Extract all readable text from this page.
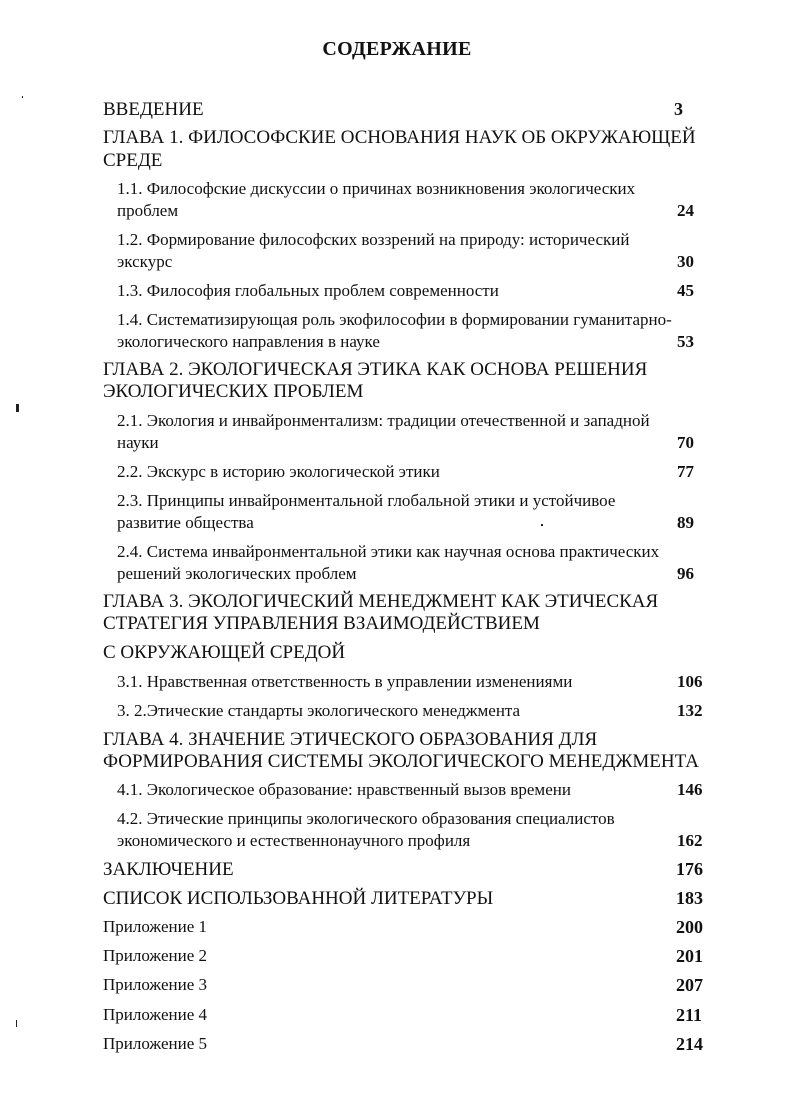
СОДЕРЖАНИЕ
ВВЕДЕНИЕ	3
ГЛАВА 1. ФИЛОСОФСКИЕ ОСНОВАНИЯ НАУК ОБ ОКРУЖАЮЩЕЙ
СРЕДЕ
1.1. Философские дискуссии о причинах возникновения экологических
проблем	24
1.2. Формирование философских воззрений на природу: исторический
экскурс	30
1.3. Философия глобальных проблем современности	45
1.4. Систематизирующая роль экофилософии в формировании гуманитарно-
экологического направления в науке	53
ГЛАВА 2. ЭКОЛОГИЧЕСКАЯ ЭТИКА КАК ОСНОВА РЕШЕНИЯ
ЭКОЛОГИЧЕСКИХ ПРОБЛЕМ
2.1. Экология и инвайронментализм: традиции отечественной и западной
науки	70
2.2. Экскурс в историю экологической этики	77
2.3. Принципы инвайронментальной глобальной этики и устойчивое
развитие общества	89
2.4. Система инвайронментальной этики как научная основа практических
решений экологических проблем	96
ГЛАВА 3. ЭКОЛОГИЧЕСКИЙ МЕНЕДЖМЕНТ КАК ЭТИЧЕСКАЯ
СТРАТЕГИЯ УПРАВЛЕНИЯ ВЗАИМОДЕЙСТВИЕМ
С ОКРУЖАЮЩЕЙ СРЕДОЙ
3.1. Нравственная ответственность в управлении изменениями	106
3. 2.Этические стандарты экологического менеджмента	132
ГЛАВА 4. ЗНАЧЕНИЕ ЭТИЧЕСКОГО ОБРАЗОВАНИЯ ДЛЯ
ФОРМИРОВАНИЯ СИСТЕМЫ ЭКОЛОГИЧЕСКОГО МЕНЕДЖМЕНТА
4.1. Экологическое образование: нравственный вызов времени	146
4.2. Этические принципы экологического образования специалистов
экономического и естественнонаучного профиля	162
ЗАКЛЮЧЕНИЕ	176
СПИСОК ИСПОЛЬЗОВАННОЙ ЛИТЕРАТУРЫ	183
Приложение 1	200
Приложение 2	201
Приложение 3	207
Приложение 4	211
Приложение 5	214
